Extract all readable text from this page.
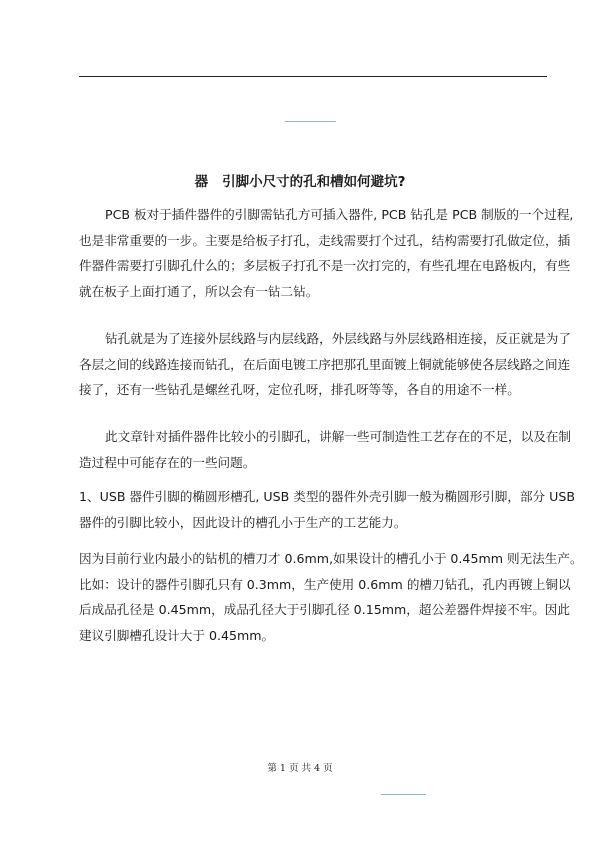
器 引脚小尺寸的孔和槽如何避坑?
PCB 板对于插件器件的引脚需钻孔方可插入器件, PCB 钻孔是 PCB 制版的一个过程,
也是非常重要的一步。主要是给板子打孔，走线需要打个过孔，结构需要打孔做定位，插
件器件需要打引脚孔什么的；多层板子打孔不是一次打完的，有些孔埋在电路板内，有些
就在板子上面打通了，所以会有一钻二钻。
钻孔就是为了连接外层线路与内层线路，外层线路与外层线路相连接，反正就是为了
各层之间的线路连接而钻孔，在后面电镀工序把那孔里面镀上铜就能够使各层线路之间连
接了，还有一些钻孔是螺丝孔呀，定位孔呀，排孔呀等等，各自的用途不一样。
此文章针对插件器件比较小的引脚孔，讲解一些可制造性工艺存在的不足，以及在制
造过程中可能存在的一些问题。
1、USB 器件引脚的椭圆形槽孔, USB 类型的器件外壳引脚一般为椭圆形引脚，部分 USB
器件的引脚比较小，因此设计的槽孔小于生产的工艺能力。
因为目前行业内最小的钻机的槽刀才 0.6mm,如果设计的槽孔小于 0.45mm 则无法生产。
比如：设计的器件引脚孔只有 0.3mm，生产使用 0.6mm 的槽刀钻孔，孔内再镀上铜以
后成品孔径是 0.45mm，成品孔径大于引脚孔径 0.15mm，超公差器件焊接不牢。因此
建议引脚槽孔设计大于 0.45mm。
第 1 页 共 4 页
